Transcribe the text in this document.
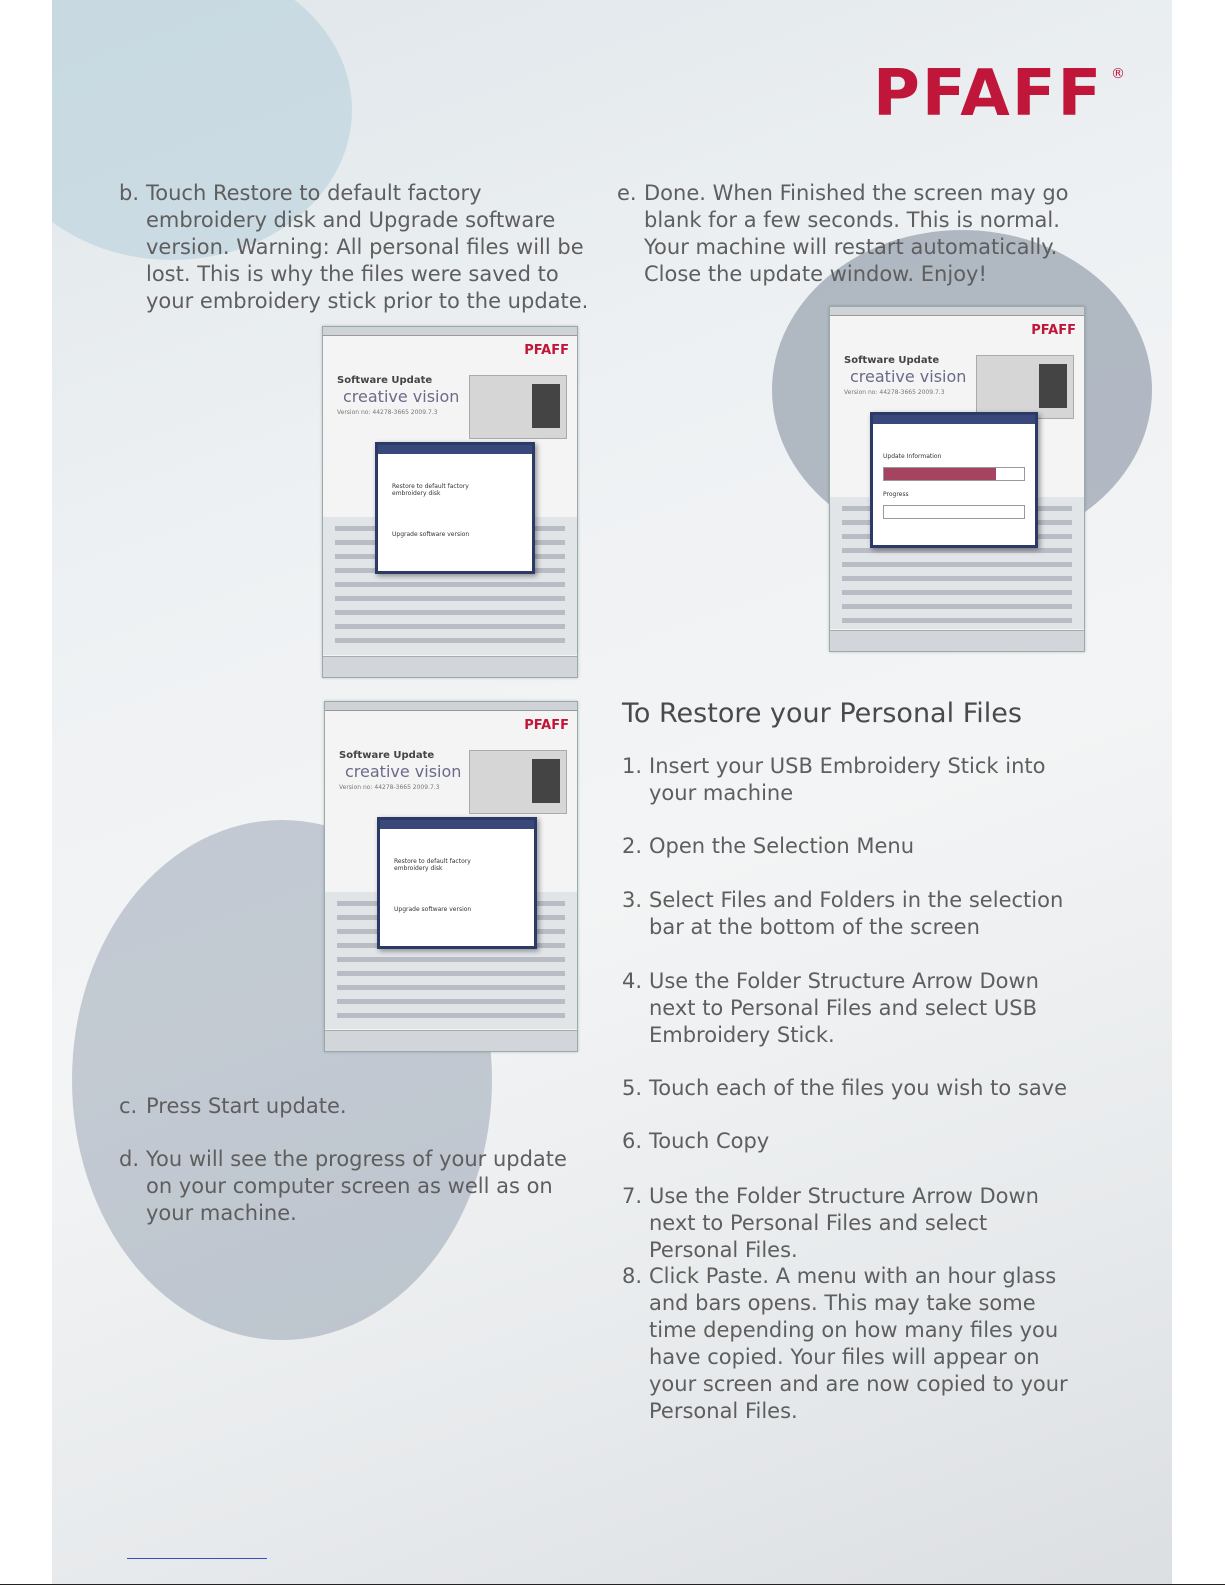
PFAFF ®
b. Touch Restore to default factory embroidery disk and Upgrade software version. Warning: All personal files will be lost. This is why the files were saved to your embroidery stick prior to the update.
e. Done. When Finished the screen may go blank for a few seconds. This is normal. Your machine will restart automatically. Close the update window. Enjoy!
PFAFF
Software Update
creative vision
Version no: 44278-3665 2009.7.3
Restore to default factory embroidery disk
Upgrade software version
PFAFF
Software Update
creative vision
Version no: 44278-3665 2009.7.3
Restore to default factory embroidery disk
Upgrade software version
PFAFF
Software Update
creative vision
Version no: 44278-3665 2009.7.3
Update Information
Progress
c. Press Start update.
d. You will see the progress of your update on your computer screen as well as on your machine.
To Restore your Personal Files
1. Insert your USB Embroidery Stick into your machine
2. Open the Selection Menu
3. Select Files and Folders in the selection bar at the bottom of the screen
4. Use the Folder Structure Arrow Down next to Personal Files and select USB Embroidery Stick.
5. Touch each of the files you wish to save
6. Touch Copy
7. Use the Folder Structure Arrow Down next to Personal Files and select Personal Files.
8. Click Paste. A menu with an hour glass and bars opens. This may take some time depending on how many files you have copied. Your files will appear on your screen and are now copied to your Personal Files.
